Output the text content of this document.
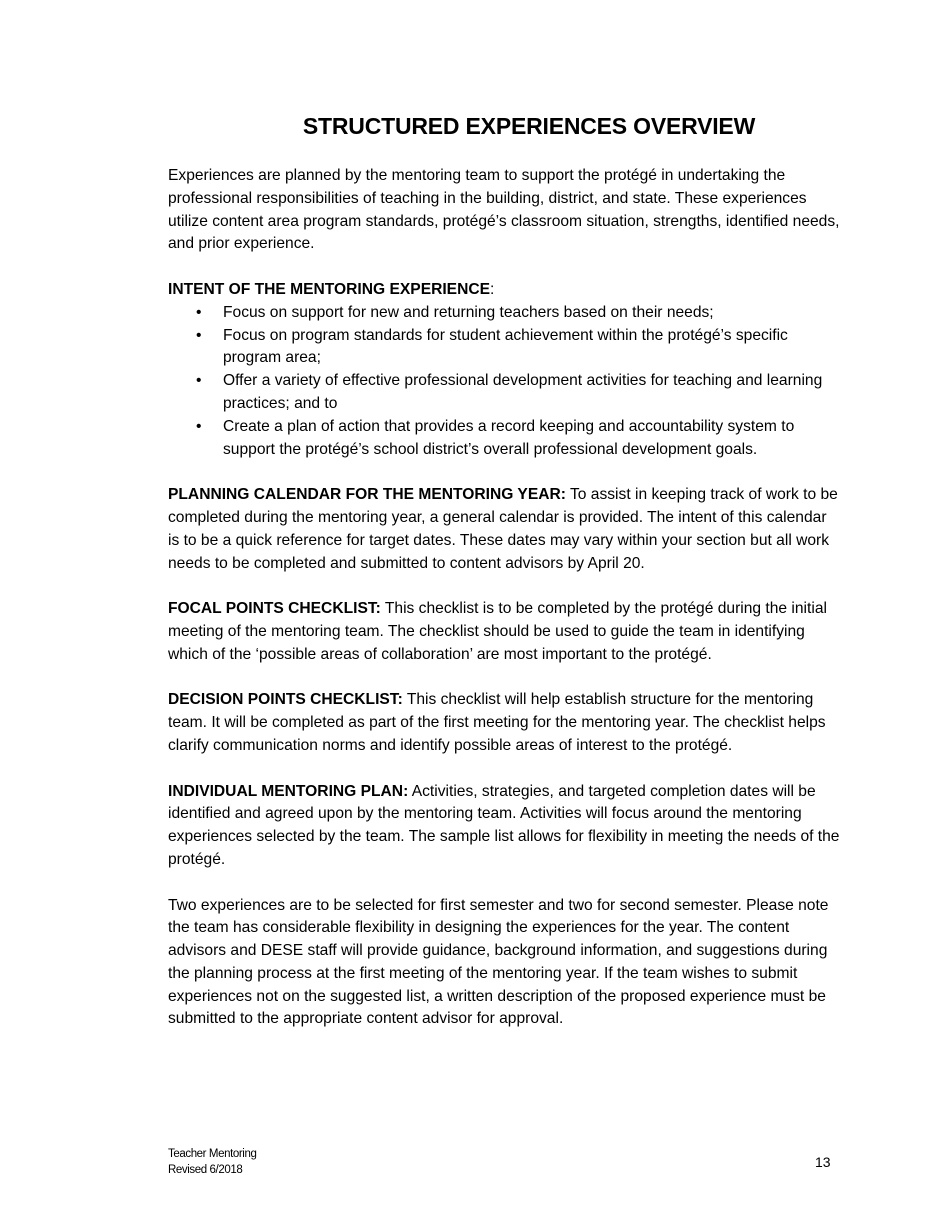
STRUCTURED EXPERIENCES OVERVIEW

Experiences are planned by the mentoring team to support the protégé in undertaking the professional responsibilities of teaching in the building, district, and state. These experiences utilize content area program standards, protégé’s classroom situation, strengths, identified needs, and prior experience.

INTENT OF THE MENTORING EXPERIENCE:
• Focus on support for new and returning teachers based on their needs;
• Focus on program standards for student achievement within the protégé’s specific program area;
• Offer a variety of effective professional development activities for teaching and learning practices; and to
• Create a plan of action that provides a record keeping and accountability system to support the protégé’s school district’s overall professional development goals.

PLANNING CALENDAR FOR THE MENTORING YEAR: To assist in keeping track of work to be completed during the mentoring year, a general calendar is provided. The intent of this calendar is to be a quick reference for target dates. These dates may vary within your section but all work needs to be completed and submitted to content advisors by April 20.

FOCAL POINTS CHECKLIST: This checklist is to be completed by the protégé during the initial meeting of the mentoring team. The checklist should be used to guide the team in identifying which of the ‘possible areas of collaboration’ are most important to the protégé.

DECISION POINTS CHECKLIST: This checklist will help establish structure for the mentoring team. It will be completed as part of the first meeting for the mentoring year. The checklist helps clarify communication norms and identify possible areas of interest to the protégé.

INDIVIDUAL MENTORING PLAN: Activities, strategies, and targeted completion dates will be identified and agreed upon by the mentoring team. Activities will focus around the mentoring experiences selected by the team. The sample list allows for flexibility in meeting the needs of the protégé.

Two experiences are to be selected for first semester and two for second semester. Please note the team has considerable flexibility in designing the experiences for the year. The content advisors and DESE staff will provide guidance, background information, and suggestions during the planning process at the first meeting of the mentoring year. If the team wishes to submit experiences not on the suggested list, a written description of the proposed experience must be submitted to the appropriate content advisor for approval.

Teacher Mentoring
Revised 6/2018	13
